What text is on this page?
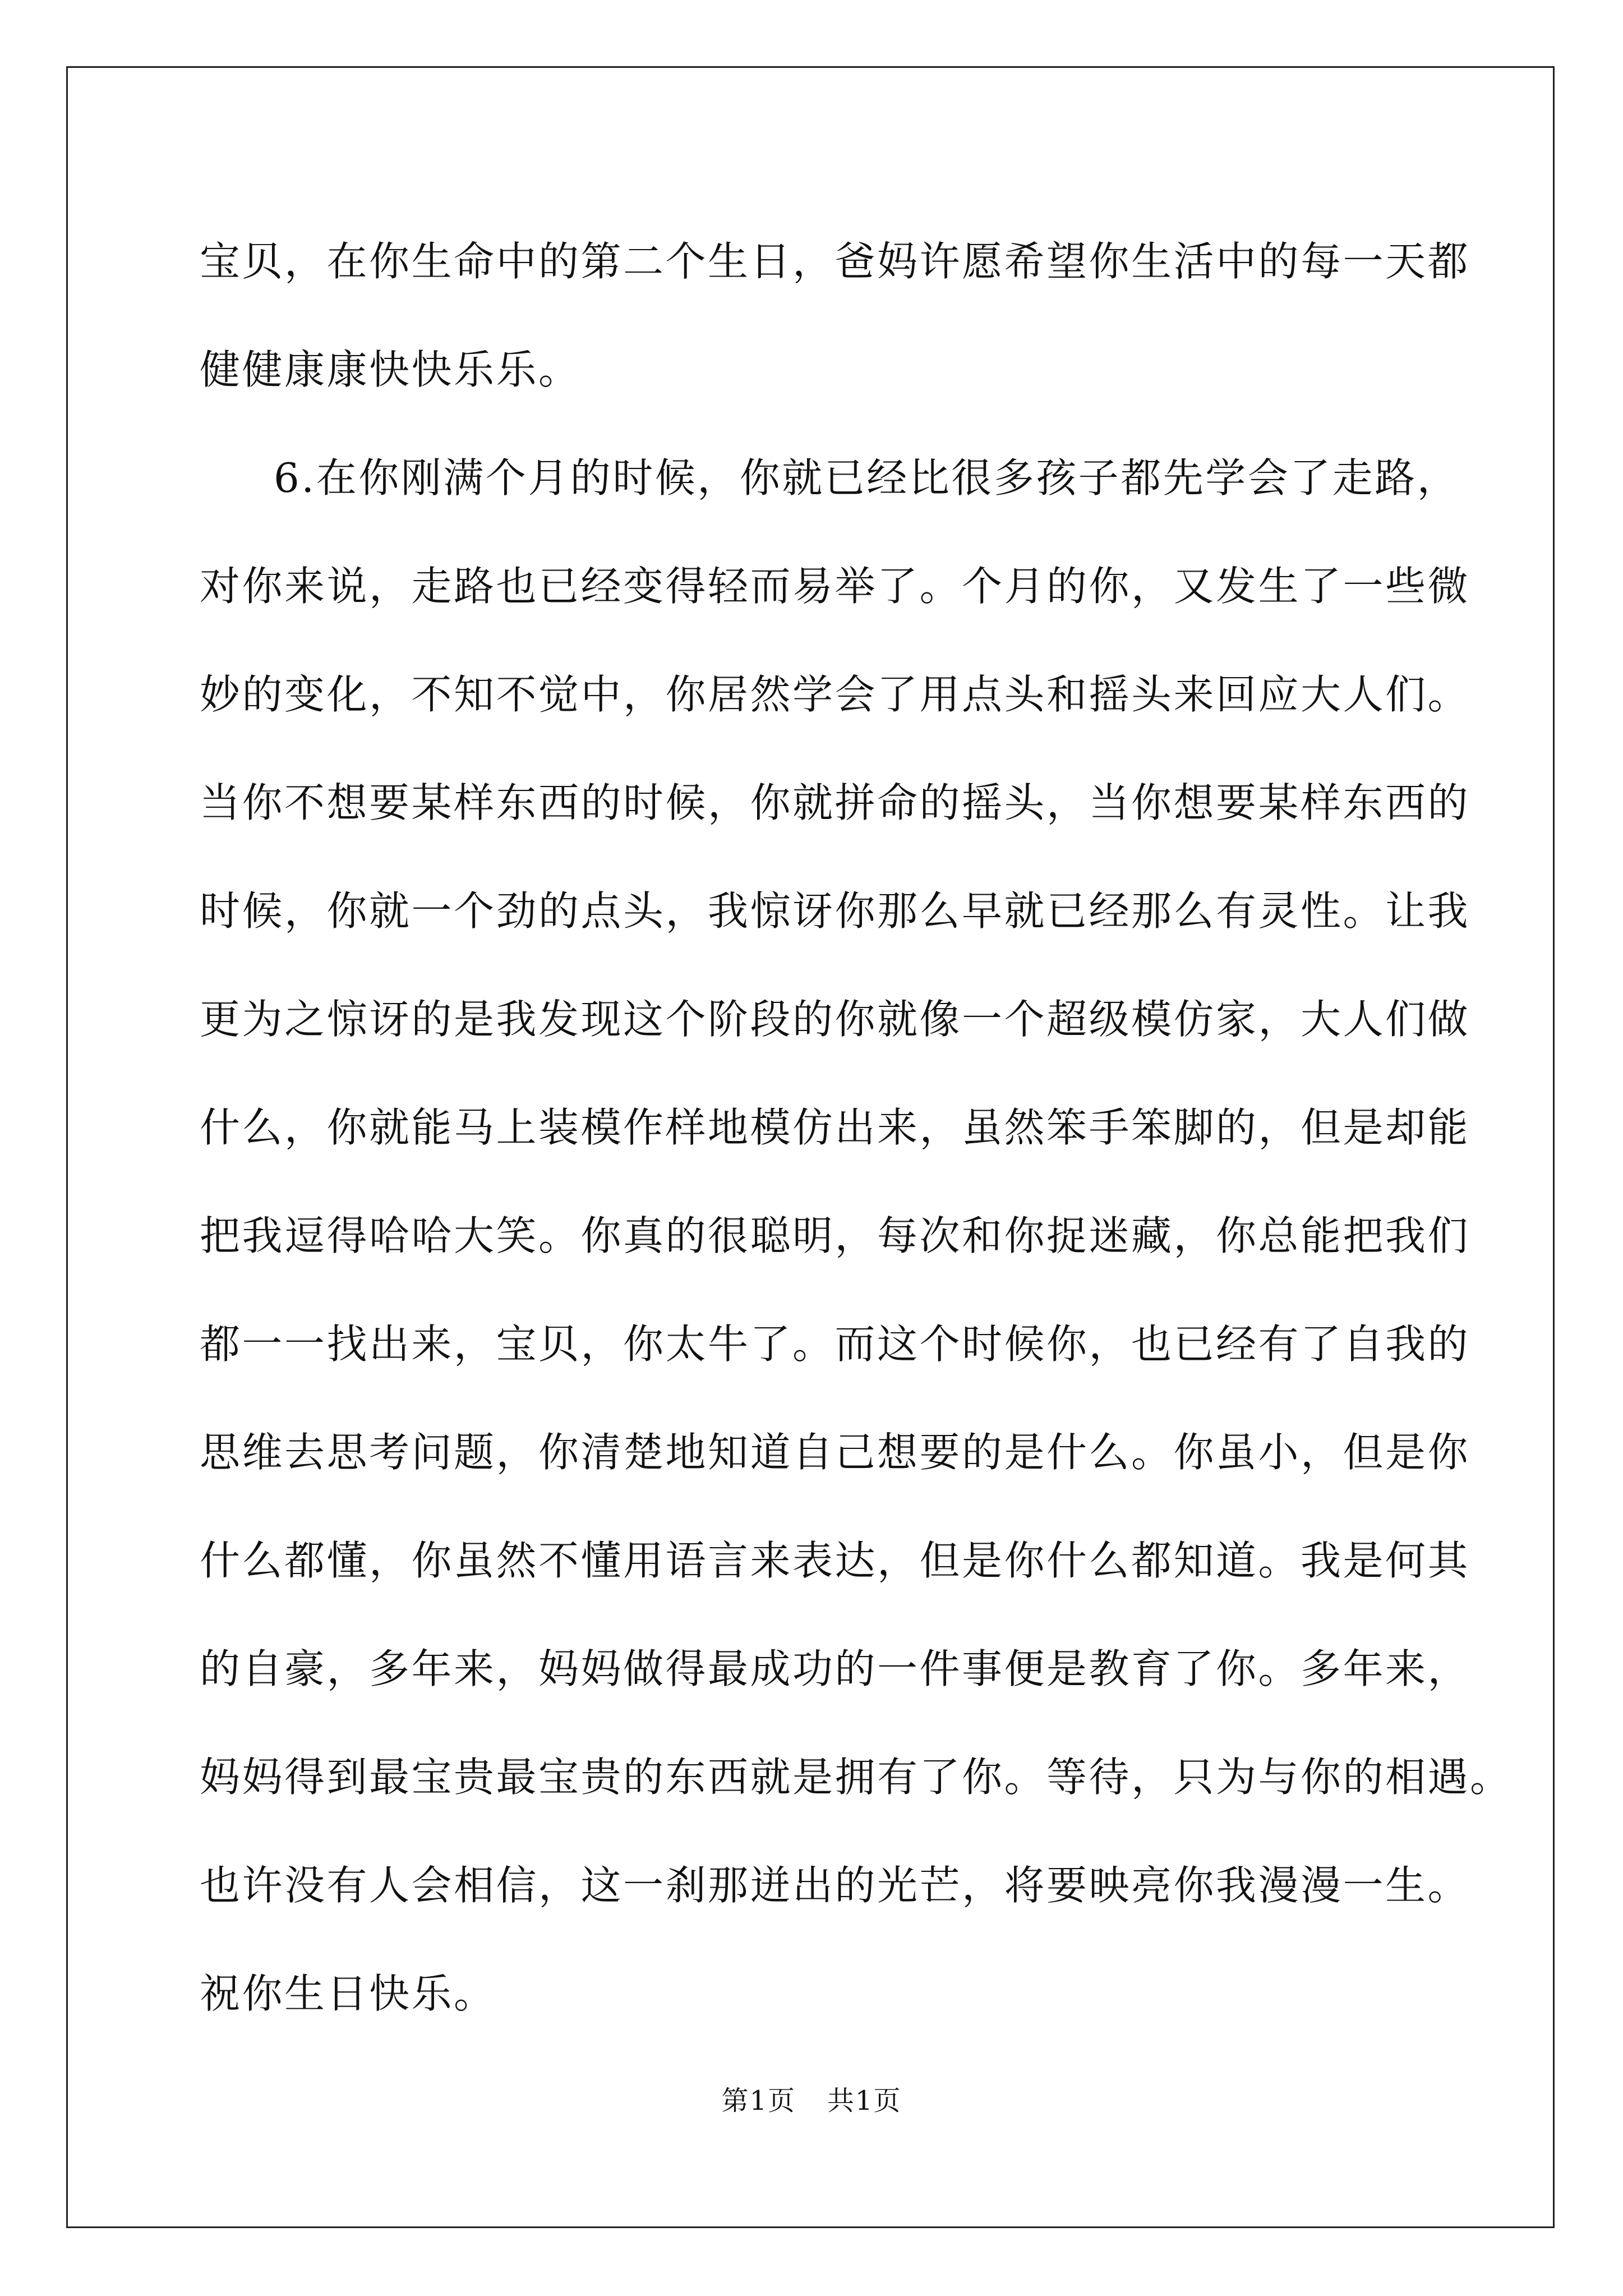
宝贝，在你生命中的第二个生日，爸妈许愿希望你生活中的每一天都
健健康康快快乐乐。

6.在你刚满个月的时候，你就已经比很多孩子都先学会了走路，
对你来说，走路也已经变得轻而易举了。个月的你，又发生了一些微
妙的变化，不知不觉中，你居然学会了用点头和摇头来回应大人们。
当你不想要某样东西的时候，你就拼命的摇头，当你想要某样东西的
时候，你就一个劲的点头，我惊讶你那么早就已经那么有灵性。让我
更为之惊讶的是我发现这个阶段的你就像一个超级模仿家，大人们做
什么，你就能马上装模作样地模仿出来，虽然笨手笨脚的，但是却能
把我逗得哈哈大笑。你真的很聪明，每次和你捉迷藏，你总能把我们
都一一找出来，宝贝，你太牛了。而这个时候你，也已经有了自我的
思维去思考问题，你清楚地知道自己想要的是什么。你虽小，但是你
什么都懂，你虽然不懂用语言来表达，但是你什么都知道。我是何其
的自豪，多年来，妈妈做得最成功的一件事便是教育了你。多年来，
妈妈得到最宝贵最宝贵的东西就是拥有了你。等待，只为与你的相遇。
也许没有人会相信，这一刹那迸出的光芒，将要映亮你我漫漫一生。
祝你生日快乐。

第1页 共1页
